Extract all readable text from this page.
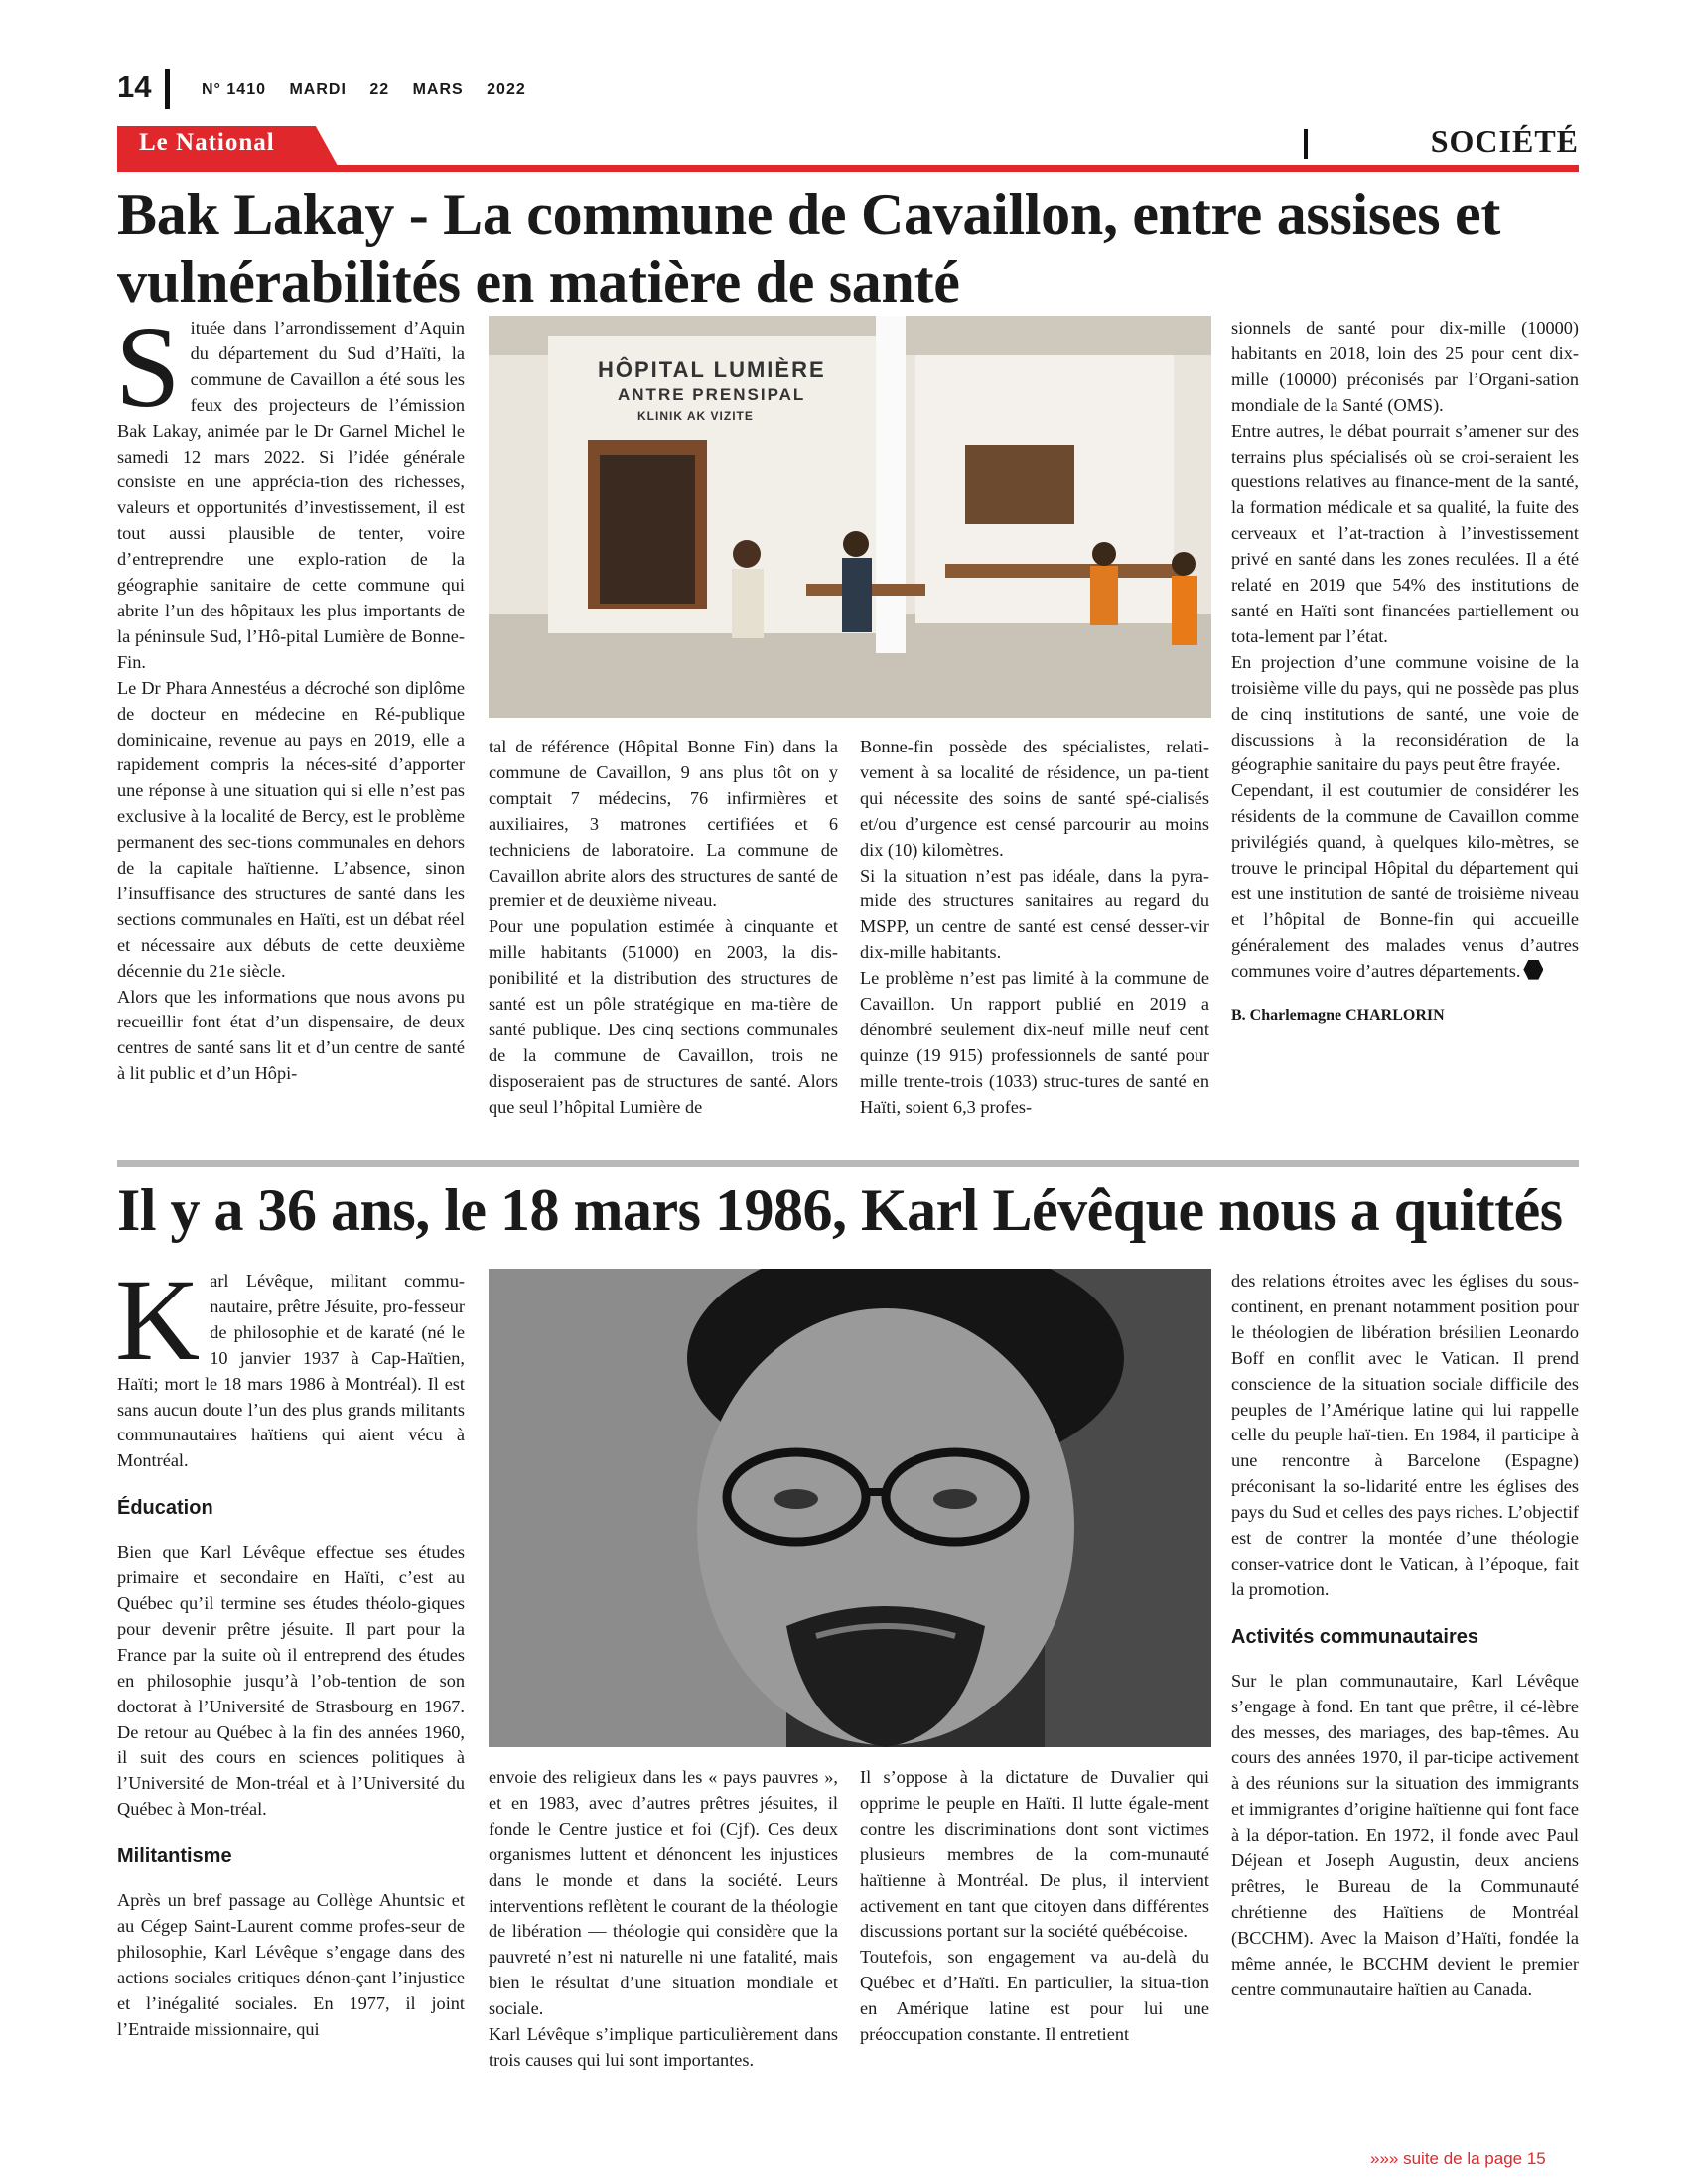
14	N° 1410 MARDI 22 MARS 2022
Le National	SOCIÉTÉ
Bak Lakay - La commune de Cavaillon, entre assises et vulnérabilités en matière de santé

Située dans l’arrondissement d’Aquin du département du Sud d’Haïti, la commune de Cavaillon a été sous les feux des projecteurs de l’émission Bak Lakay, animée par le Dr Garnel Michel le samedi 12 mars 2022. Si l’idée générale consiste en une apprécia-tion des richesses, valeurs et opportunités d’investissement, il est tout aussi plausible de tenter, voire d’entreprendre une explo-ration de la géographie sanitaire de cette commune qui abrite l’un des hôpitaux les plus importants de la péninsule Sud, l’Hô-pital Lumière de Bonne-Fin.

Le Dr Phara Annestéus a décroché son diplôme de docteur en médecine en Ré-publique dominicaine, revenue au pays en 2019, elle a rapidement compris la néces-sité d’apporter une réponse à une situation qui si elle n’est pas exclusive à la localité de Bercy, est le problème permanent des sec-tions communales en dehors de la capitale haïtienne. L’absence, sinon l’insuffisance des structures de santé dans les sections communales en Haïti, est un débat réel et nécessaire aux débuts de cette deuxième décennie du 21e siècle.

Alors que les informations que nous avons pu recueillir font état d’un dispensaire, de deux centres de santé sans lit et d’un centre de santé à lit public et d’un Hôpi-

HÔPITAL LUMIÈRE
ANTRE PRENSIPAL
KLINIK AK VIZITE

tal de référence (Hôpital Bonne Fin) dans la commune de Cavaillon, 9 ans plus tôt on y comptait 7 médecins, 76 infirmières et auxiliaires, 3 matrones certifiées et 6 techniciens de laboratoire. La commune de Cavaillon abrite alors des structures de santé de premier et de deuxième niveau.

Pour une population estimée à cinquante et mille habitants (51000) en 2003, la dis-ponibilité et la distribution des structures de santé est un pôle stratégique en ma-tière de santé publique. Des cinq sections communales de la commune de Cavaillon, trois ne disposeraient pas de structures de santé. Alors que seul l’hôpital Lumière de

Bonne-fin possède des spécialistes, relati-vement à sa localité de résidence, un pa-tient qui nécessite des soins de santé spé-cialisés et/ou d’urgence est censé parcourir au moins dix (10) kilomètres.

Si la situation n’est pas idéale, dans la pyra-mide des structures sanitaires au regard du MSPP, un centre de santé est censé desser-vir dix-mille habitants.

Le problème n’est pas limité à la commune de Cavaillon. Un rapport publié en 2019 a dénombré seulement dix-neuf mille neuf cent quinze (19 915) professionnels de santé pour mille trente-trois (1033) struc-tures de santé en Haïti, soient 6,3 profes-

sionnels de santé pour dix-mille (10000) habitants en 2018, loin des 25 pour cent dix-mille (10000) préconisés par l’Organi-sation mondiale de la Santé (OMS).

Entre autres, le débat pourrait s’amener sur des terrains plus spécialisés où se croi-seraient les questions relatives au finance-ment de la santé, la formation médicale et sa qualité, la fuite des cerveaux et l’at-traction à l’investissement privé en santé dans les zones reculées. Il a été relaté en 2019 que 54% des institutions de santé en Haïti sont financées partiellement ou tota-lement par l’état.

En projection d’une commune voisine de la troisième ville du pays, qui ne possède pas plus de cinq institutions de santé, une voie de discussions à la reconsidération de la géographie sanitaire du pays peut être frayée.

Cependant, il est coutumier de considérer les résidents de la commune de Cavaillon comme privilégiés quand, à quelques kilo-mètres, se trouve le principal Hôpital du département qui est une institution de santé de troisième niveau et l’hôpital de Bonne-fin qui accueille généralement des malades venus d’autres communes voire d’autres départements.

B. Charlemagne CHARLORIN

Il y a 36 ans, le 18 mars 1986, Karl Lévêque nous a quittés

Karl Lévêque, militant commu-nautaire, prêtre Jésuite, pro-fesseur de philosophie et de karaté (né le 10 janvier 1937 à Cap-Haïtien, Haïti; mort le 18 mars 1986 à Montréal). Il est sans aucun doute l’un des plus grands militants communautaires haïtiens qui aient vécu à Montréal.

Éducation

Bien que Karl Lévêque effectue ses études primaire et secondaire en Haïti, c’est au Québec qu’il termine ses études théolo-giques pour devenir prêtre jésuite. Il part pour la France par la suite où il entreprend des études en philosophie jusqu’à l’ob-tention de son doctorat à l’Université de Strasbourg en 1967. De retour au Québec à la fin des années 1960, il suit des cours en sciences politiques à l’Université de Mon-tréal et à l’Université du Québec à Mon-tréal.

Militantisme

Après un bref passage au Collège Ahuntsic et au Cégep Saint-Laurent comme profes-seur de philosophie, Karl Lévêque s’engage dans des actions sociales critiques dénon-çant l’injustice et l’inégalité sociales. En 1977, il joint l’Entraide missionnaire, qui

envoie des religieux dans les « pays pauvres », et en 1983, avec d’autres prêtres jésuites, il fonde le Centre justice et foi (Cjf). Ces deux organismes luttent et dénoncent les injustices dans le monde et dans la société. Leurs interventions reflètent le courant de la théologie de libération — théologie qui considère que la pauvreté n’est ni naturelle ni une fatalité, mais bien le résultat d’une situation mondiale et sociale.

Karl Lévêque s’implique particulièrement dans trois causes qui lui sont importantes.

Il s’oppose à la dictature de Duvalier qui opprime le peuple en Haïti. Il lutte égale-ment contre les discriminations dont sont victimes plusieurs membres de la com-munauté haïtienne à Montréal. De plus, il intervient activement en tant que citoyen dans différentes discussions portant sur la société québécoise.

Toutefois, son engagement va au-delà du Québec et d’Haïti. En particulier, la situa-tion en Amérique latine est pour lui une préoccupation constante. Il entretient

des relations étroites avec les églises du sous-continent, en prenant notamment position pour le théologien de libération brésilien Leonardo Boff en conflit avec le Vatican. Il prend conscience de la situation sociale difficile des peuples de l’Amérique latine qui lui rappelle celle du peuple haï-tien. En 1984, il participe à une rencontre à Barcelone (Espagne) préconisant la so-lidarité entre les églises des pays du Sud et celles des pays riches. L’objectif est de contrer la montée d’une théologie conser-vatrice dont le Vatican, à l’époque, fait la promotion.

Activités communautaires

Sur le plan communautaire, Karl Lévêque s’engage à fond. En tant que prêtre, il cé-lèbre des messes, des mariages, des bap-têmes. Au cours des années 1970, il par-ticipe activement à des réunions sur la situation des immigrants et immigrantes d’origine haïtienne qui font face à la dépor-tation. En 1972, il fonde avec Paul Déjean et Joseph Augustin, deux anciens prêtres, le Bureau de la Communauté chrétienne des Haïtiens de Montréal (BCCHM). Avec la Maison d’Haïti, fondée la même année, le BCCHM devient le premier centre communautaire haïtien au Canada.

»»» suite de la page 15
